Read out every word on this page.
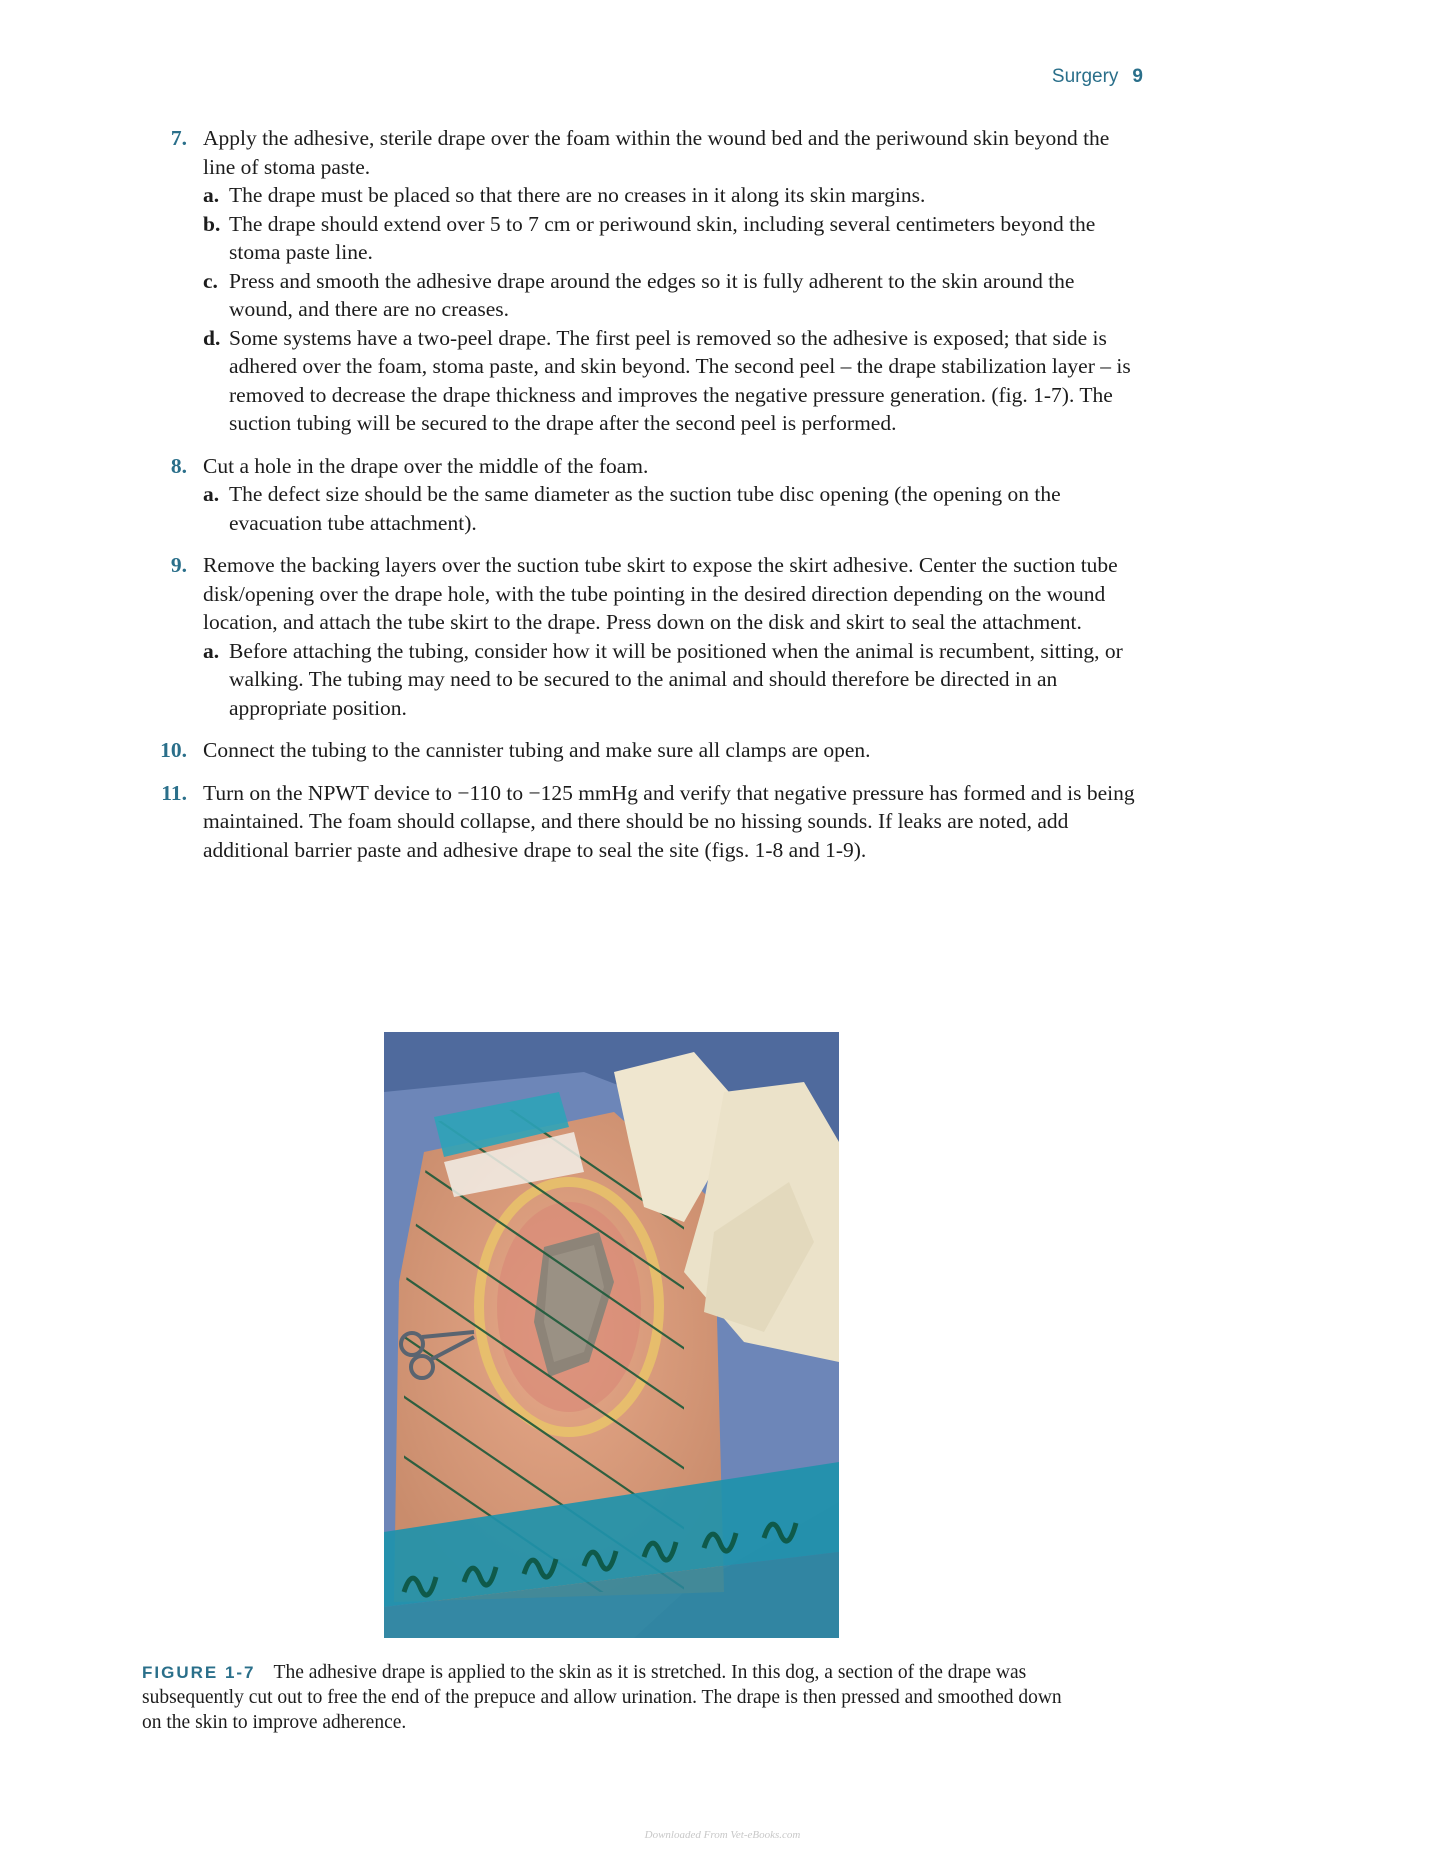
Surgery 9
7. Apply the adhesive, sterile drape over the foam within the wound bed and the periwound skin beyond the line of stoma paste.
a. The drape must be placed so that there are no creases in it along its skin margins.
b. The drape should extend over 5 to 7 cm or periwound skin, including several centimeters beyond the stoma paste line.
c. Press and smooth the adhesive drape around the edges so it is fully adherent to the skin around the wound, and there are no creases.
d. Some systems have a two-peel drape. The first peel is removed so the adhesive is exposed; that side is adhered over the foam, stoma paste, and skin beyond. The second peel – the drape stabilization layer – is removed to decrease the drape thickness and improves the negative pressure generation. (fig. 1-7). The suction tubing will be secured to the drape after the second peel is performed.
8. Cut a hole in the drape over the middle of the foam.
a. The defect size should be the same diameter as the suction tube disc opening (the opening on the evacuation tube attachment).
9. Remove the backing layers over the suction tube skirt to expose the skirt adhesive. Center the suction tube disk/opening over the drape hole, with the tube pointing in the desired direction depending on the wound location, and attach the tube skirt to the drape. Press down on the disk and skirt to seal the attachment.
a. Before attaching the tubing, consider how it will be positioned when the animal is recumbent, sitting, or walking. The tubing may need to be secured to the animal and should therefore be directed in an appropriate position.
10. Connect the tubing to the cannister tubing and make sure all clamps are open.
11. Turn on the NPWT device to −110 to −125 mmHg and verify that negative pressure has formed and is being maintained. The foam should collapse, and there should be no hissing sounds. If leaks are noted, add additional barrier paste and adhesive drape to seal the site (figs. 1-8 and 1-9).
FIGURE 1-7 The adhesive drape is applied to the skin as it is stretched. In this dog, a section of the drape was subsequently cut out to free the end of the prepuce and allow urination. The drape is then pressed and smoothed down on the skin to improve adherence.
Downloaded From Vet-eBooks.com
